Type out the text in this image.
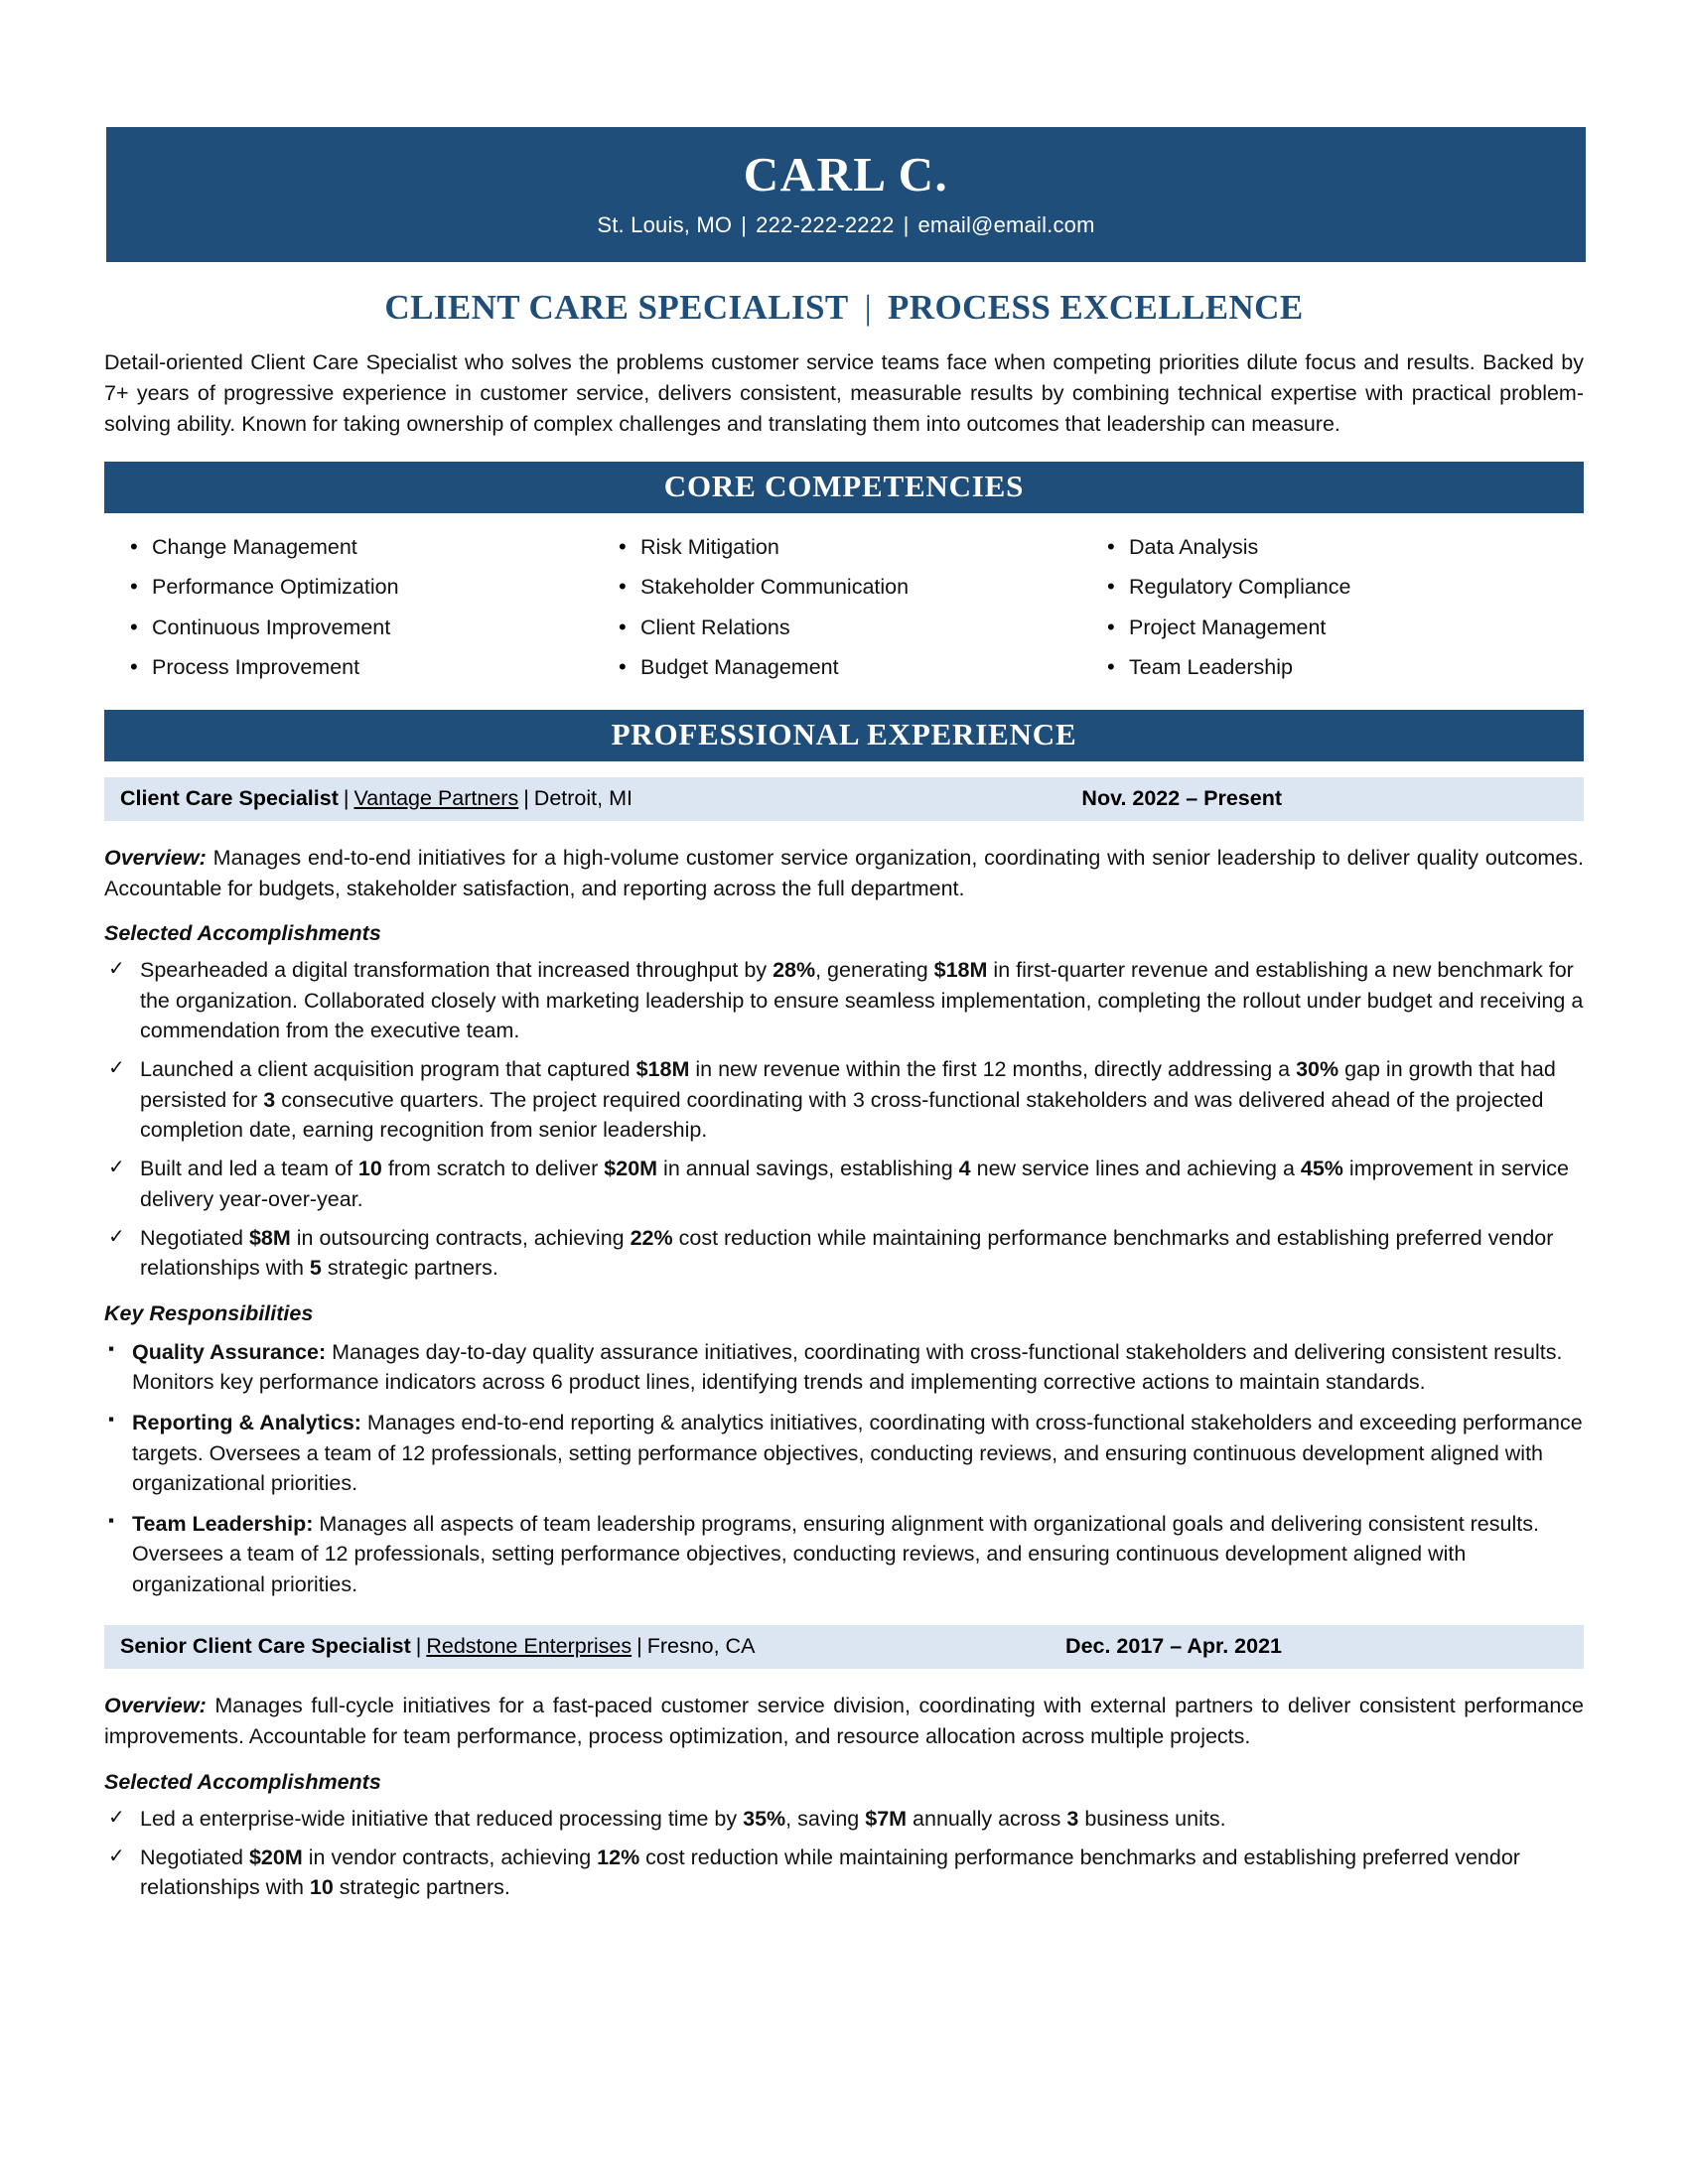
CARL C.
St. Louis, MO | 222-222-2222 | email@email.com
CLIENT CARE SPECIALIST | PROCESS EXCELLENCE
Detail-oriented Client Care Specialist who solves the problems customer service teams face when competing priorities dilute focus and results. Backed by 7+ years of progressive experience in customer service, delivers consistent, measurable results by combining technical expertise with practical problem-solving ability. Known for taking ownership of complex challenges and translating them into outcomes that leadership can measure.
CORE COMPETENCIES
• Change Management	• Risk Mitigation	• Data Analysis
• Performance Optimization	• Stakeholder Communication	• Regulatory Compliance
• Continuous Improvement	• Client Relations	• Project Management
• Process Improvement	• Budget Management	• Team Leadership
PROFESSIONAL EXPERIENCE
Client Care Specialist | Vantage Partners | Detroit, MI	Nov. 2022 – Present
Overview: Manages end-to-end initiatives for a high-volume customer service organization, coordinating with senior leadership to deliver quality outcomes. Accountable for budgets, stakeholder satisfaction, and reporting across the full department.
Selected Accomplishments
✓ Spearheaded a digital transformation that increased throughput by 28%, generating $18M in first-quarter revenue and establishing a new benchmark for the organization. Collaborated closely with marketing leadership to ensure seamless implementation, completing the rollout under budget and receiving a commendation from the executive team.
✓ Launched a client acquisition program that captured $18M in new revenue within the first 12 months, directly addressing a 30% gap in growth that had persisted for 3 consecutive quarters. The project required coordinating with 3 cross-functional stakeholders and was delivered ahead of the projected completion date, earning recognition from senior leadership.
✓ Built and led a team of 10 from scratch to deliver $20M in annual savings, establishing 4 new service lines and achieving a 45% improvement in service delivery year-over-year.
✓ Negotiated $8M in outsourcing contracts, achieving 22% cost reduction while maintaining performance benchmarks and establishing preferred vendor relationships with 5 strategic partners.
Key Responsibilities
▪ Quality Assurance: Manages day-to-day quality assurance initiatives, coordinating with cross-functional stakeholders and delivering consistent results. Monitors key performance indicators across 6 product lines, identifying trends and implementing corrective actions to maintain standards.
▪ Reporting & Analytics: Manages end-to-end reporting & analytics initiatives, coordinating with cross-functional stakeholders and exceeding performance targets. Oversees a team of 12 professionals, setting performance objectives, conducting reviews, and ensuring continuous development aligned with organizational priorities.
▪ Team Leadership: Manages all aspects of team leadership programs, ensuring alignment with organizational goals and delivering consistent results. Oversees a team of 12 professionals, setting performance objectives, conducting reviews, and ensuring continuous development aligned with organizational priorities.
Senior Client Care Specialist | Redstone Enterprises | Fresno, CA	Dec. 2017 – Apr. 2021
Overview: Manages full-cycle initiatives for a fast-paced customer service division, coordinating with external partners to deliver consistent performance improvements. Accountable for team performance, process optimization, and resource allocation across multiple projects.
Selected Accomplishments
✓ Led a enterprise-wide initiative that reduced processing time by 35%, saving $7M annually across 3 business units.
✓ Negotiated $20M in vendor contracts, achieving 12% cost reduction while maintaining performance benchmarks and establishing preferred vendor relationships with 10 strategic partners.
